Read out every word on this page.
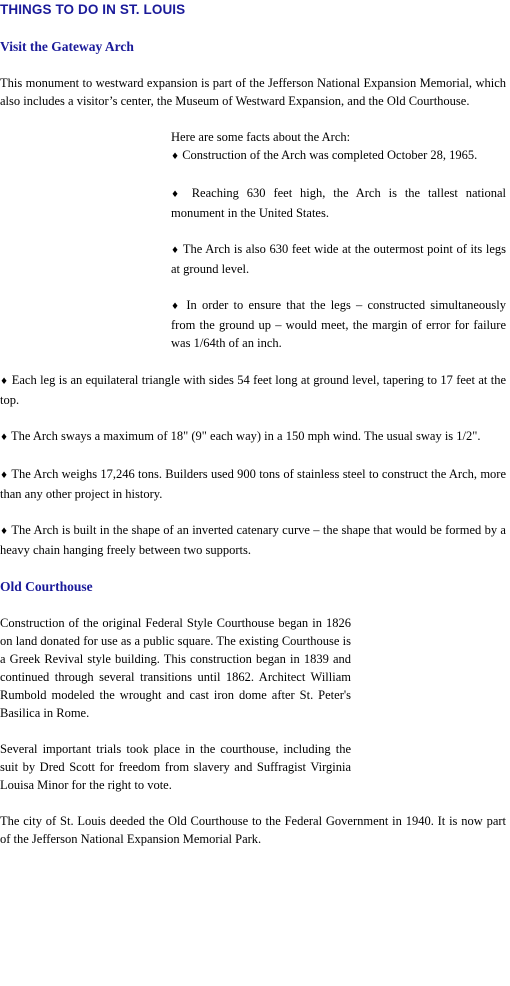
THINGS TO DO IN ST. LOUIS
Visit the Gateway Arch

This monument to westward expansion is part of the Jefferson National Expansion Memorial, which also includes a visitor’s center, the Museum of Westward Expansion, and the Old Courthouse.

Here are some facts about the Arch:

♦ Construction of the Arch was completed October 28, 1965.

♦ Reaching 630 feet high, the Arch is the tallest national monument in the United States.

♦ The Arch is also 630 feet wide at the outermost point of its legs at ground level.

♦ In order to ensure that the legs – constructed simultaneously from the ground up – would meet, the margin of error for failure was 1/64th of an inch.

♦ Each leg is an equilateral triangle with sides 54 feet long at ground level, tapering to 17 feet at the top.

♦ The Arch sways a maximum of 18" (9" each way) in a 150 mph wind. The usual sway is 1/2".

♦ The Arch weighs 17,246 tons. Builders used 900 tons of stainless steel to construct the Arch, more than any other project in history.

♦ The Arch is built in the shape of an inverted catenary curve – the shape that would be formed by a heavy chain hanging freely between two supports.

Old Courthouse

Construction of the original Federal Style Courthouse began in 1826 on land donated for use as a public square. The existing Courthouse is a Greek Revival style building. This construction began in 1839 and continued through several transitions until 1862. Architect William Rumbold modeled the wrought and cast iron dome after St. Peter's Basilica in Rome.

Several important trials took place in the courthouse, including the suit by Dred Scott for freedom from slavery and Suffragist Virginia Louisa Minor for the right to vote.

The city of St. Louis deeded the Old Courthouse to the Federal Government in 1940. It is now part of the Jefferson National Expansion Memorial Park.
